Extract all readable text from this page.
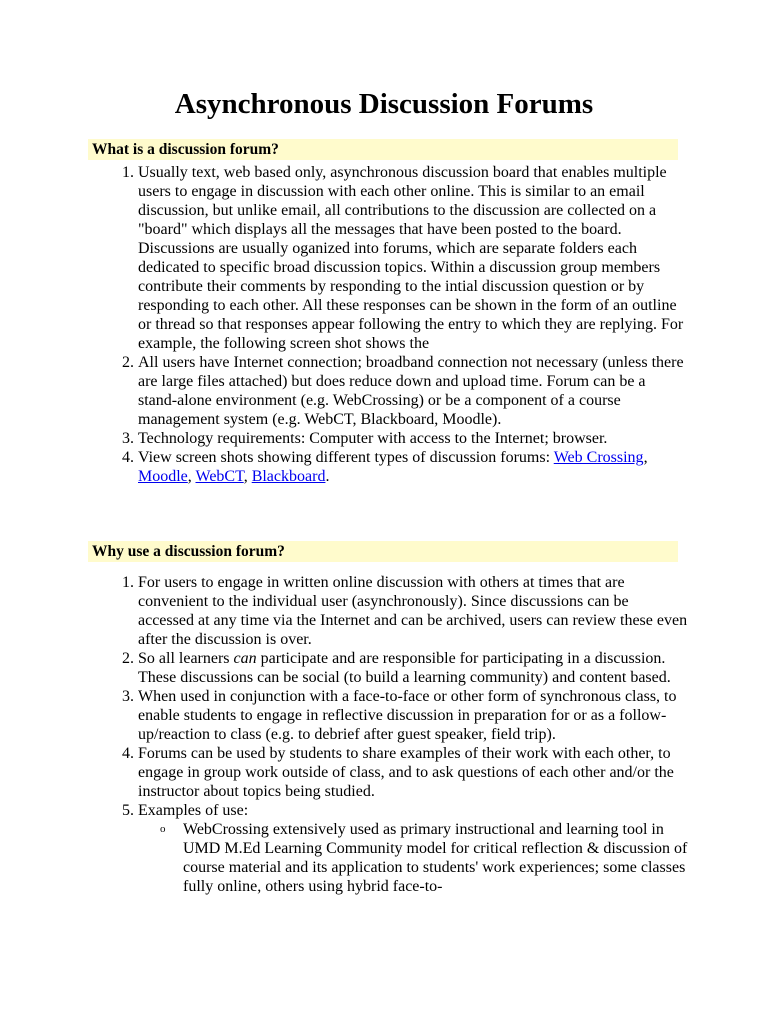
Asynchronous Discussion Forums
What is a discussion forum?
1. Usually text, web based only, asynchronous discussion board that enables multiple users to engage in discussion with each other online. This is similar to an email discussion, but unlike email, all contributions to the discussion are collected on a "board" which displays all the messages that have been posted to the board. Discussions are usually oganized into forums, which are separate folders each dedicated to specific broad discussion topics. Within a discussion group members contribute their comments by responding to the intial discussion question or by responding to each other. All these responses can be shown in the form of an outline or thread so that responses appear following the entry to which they are replying. For example, the following screen shot shows the
2. All users have Internet connection; broadband connection not necessary (unless there are large files attached) but does reduce down and upload time. Forum can be a stand-alone environment (e.g. WebCrossing) or be a component of a course management system (e.g. WebCT, Blackboard, Moodle).
3. Technology requirements: Computer with access to the Internet; browser.
4. View screen shots showing different types of discussion forums: Web Crossing, Moodle, WebCT, Blackboard.
Why use a discussion forum?
1. For users to engage in written online discussion with others at times that are convenient to the individual user (asynchronously). Since discussions can be accessed at any time via the Internet and can be archived, users can review these even after the discussion is over.
2. So all learners can participate and are responsible for participating in a discussion. These discussions can be social (to build a learning community) and content based.
3. When used in conjunction with a face-to-face or other form of synchronous class, to enable students to engage in reflective discussion in preparation for or as a follow-up/reaction to class (e.g. to debrief after guest speaker, field trip).
4. Forums can be used by students to share examples of their work with each other, to engage in group work outside of class, and to ask questions of each other and/or the instructor about topics being studied.
5. Examples of use:
o WebCrossing extensively used as primary instructional and learning tool in UMD M.Ed Learning Community model for critical reflection & discussion of course material and its application to students' work experiences; some classes fully online, others using hybrid face-to-
